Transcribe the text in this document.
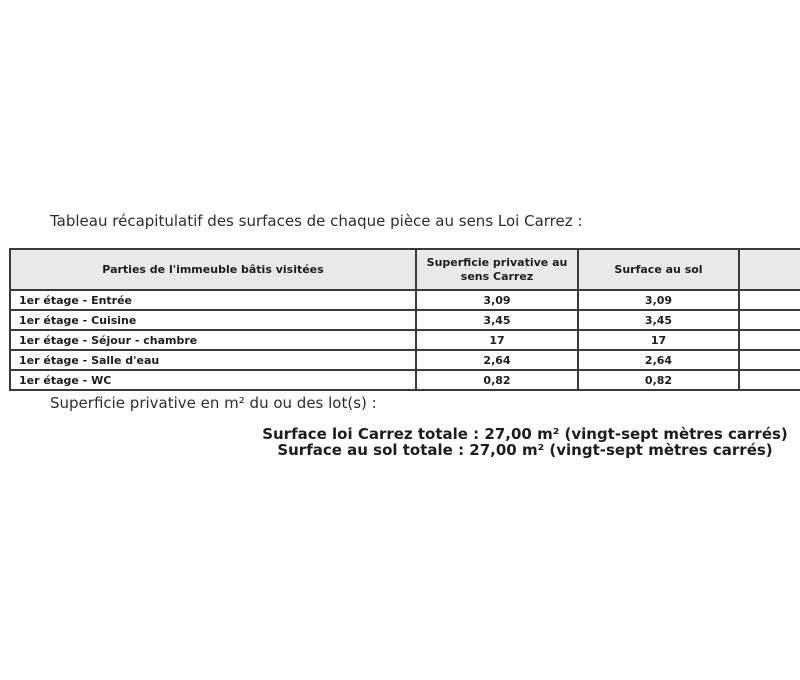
Tableau récapitulatif des surfaces de chaque pièce au sens Loi Carrez :
Parties de l'immeuble bâtis visitées	Superficie privative au sens Carrez	Surface au sol	
1er étage - Entrée	3,09	3,09	
1er étage - Cuisine	3,45	3,45	
1er étage - Séjour - chambre	17	17	
1er étage - Salle d'eau	2,64	2,64	
1er étage - WC	0,82	0,82	
Superficie privative en m² du ou des lot(s) :
Surface loi Carrez totale : 27,00 m² (vingt-sept mètres carrés)
Surface au sol totale : 27,00 m² (vingt-sept mètres carrés)
